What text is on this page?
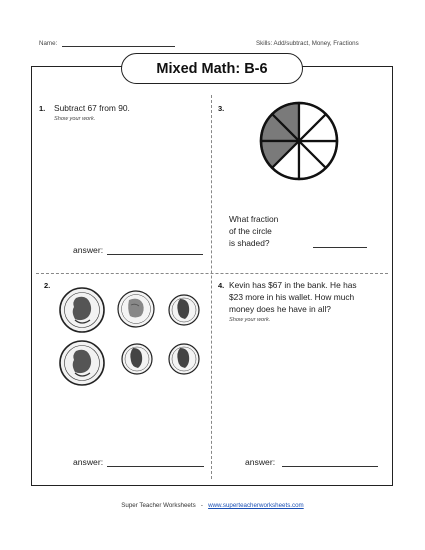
Name:	Skills: Add/subtract, Money, Fractions
Mixed Math: B-6
1. Subtract 67 from 90.
Show your work.
answer:
3.
What fraction
of the circle
is shaded?
2.
answer:
4. Kevin has $67 in the bank. He has
$23 more in his wallet. How much
money does he have in all?
Show your work.
answer:
Super Teacher Worksheets - www.superteacherworksheets.com
